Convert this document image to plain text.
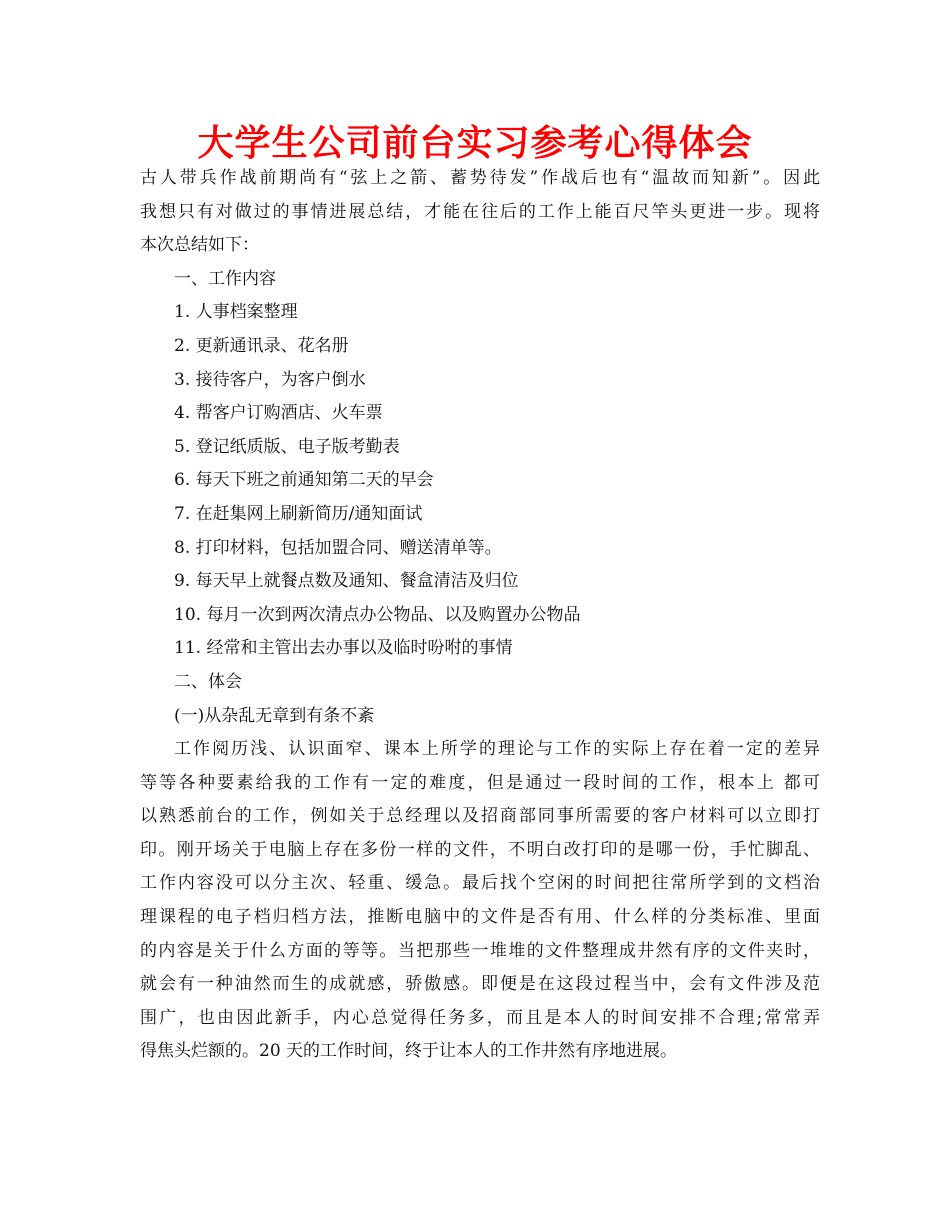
大学生公司前台实习参考心得体会
古人带兵作战前期尚有“弦上之箭、蓄势待发”作战后也有“温故而知新”。因此
我想只有对做过的事情进展总结，才能在往后的工作上能百尺竿头更进一步。现将
本次总结如下：
一、工作内容
1. 人事档案整理
2. 更新通讯录、花名册
3. 接待客户，为客户倒水
4. 帮客户订购酒店、火车票
5. 登记纸质版、电子版考勤表
6. 每天下班之前通知第二天的早会
7. 在赶集网上刷新简历/通知面试
8. 打印材料，包括加盟合同、赠送清单等。
9. 每天早上就餐点数及通知、餐盒清洁及归位
10. 每月一次到两次清点办公物品、以及购置办公物品
11. 经常和主管出去办事以及临时吩咐的事情
二、体会
(一)从杂乱无章到有条不紊
工作阅历浅、认识面窄、课本上所学的理论与工作的实际上存在着一定的差异
等等各种要素给我的工作有一定的难度，但是通过一段时间的工作，根本上 都可
以熟悉前台的工作，例如关于总经理以及招商部同事所需要的客户材料可以立即打
印。刚开场关于电脑上存在多份一样的文件，不明白改打印的是哪一份，手忙脚乱、
工作内容没可以分主次、轻重、缓急。最后找个空闲的时间把往常所学到的文档治
理课程的电子档归档方法，推断电脑中的文件是否有用、什么样的分类标准、里面
的内容是关于什么方面的等等。当把那些一堆堆的文件整理成井然有序的文件夹时，
就会有一种油然而生的成就感，骄傲感。即便是在这段过程当中，会有文件涉及范
围广，也由因此新手，内心总觉得任务多，而且是本人的时间安排不合理;常常弄
得焦头烂额的。20 天的工作时间，终于让本人的工作井然有序地进展。
